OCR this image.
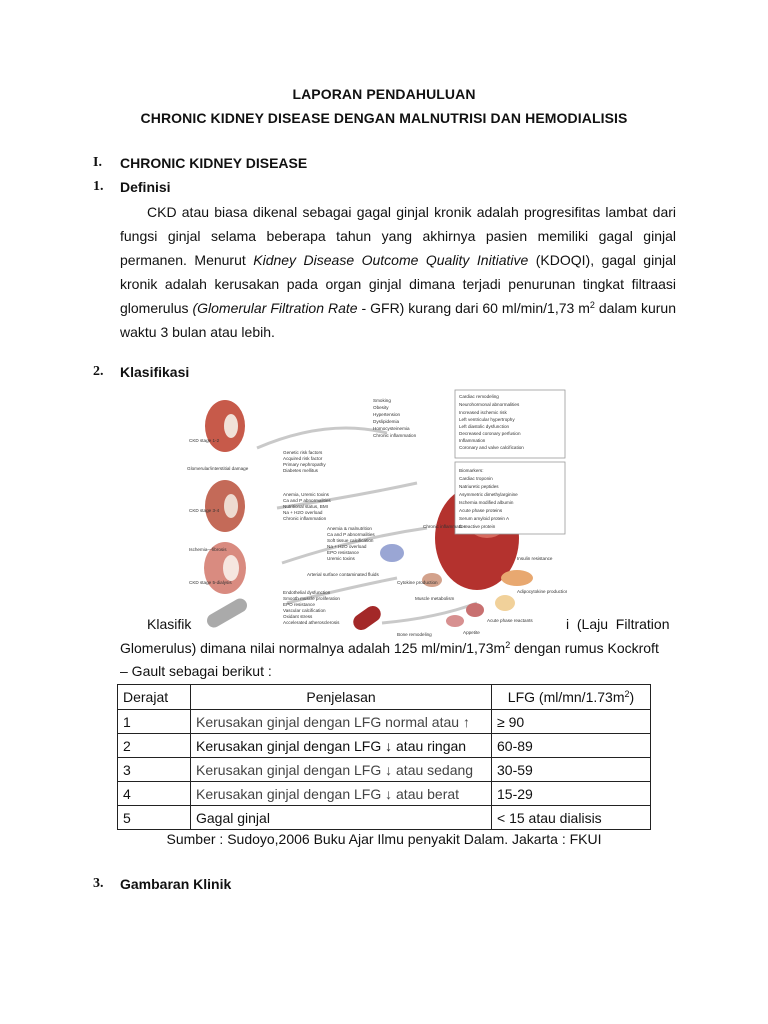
LAPORAN PENDAHULUAN
CHRONIC KIDNEY DISEASE DENGAN MALNUTRISI DAN HEMODIALISIS
I. CHRONIC KIDNEY DISEASE
1. Definisi

CKD atau biasa dikenal sebagai gagal ginjal kronik adalah progresifitas lambat dari fungsi ginjal selama beberapa tahun yang akhirnya pasien memiliki gagal ginjal permanen. Menurut Kidney Disease Outcome Quality Initiative (KDOQI), gagal ginjal kronik adalah kerusakan pada organ ginjal dimana terjadi penurunan tingkat filtraasi glomerulus (Glomerular Filtration Rate - GFR) kurang dari 60 ml/min/1,73 $m^2$ dalam kurun waktu 3 bulan atau lebih.

2. Klasifikasi
Cardiac remodeling
Neurohormonal abnormalities
Increased ischemic risk
Left ventricular hypertrophy
Left diastolic dysfunction
Decreased coronary perfusion
Inflammation
Coronary and valve calcification
Biomarkers:
Cardiac troponin
Natriuretic peptides
Asymmetric dimethylarginine
Ischemia modified albumin
Acute phase proteins
Serum amyloid protein A
C-reactive protein
CKD stage 1-2
Glomerular/interstitial damage
CKD stage 3-4
Ischemia—fibrosis
CKD stage 5-dialysis
Genetic risk factors
Acquired risk factor
Primary nephropathy
Diabetes mellitus
Smoking
Obesity
Hypertension
Dyslipidemia
Homocysteinemia
Chronic inflammation
Anemia, Uremic toxins
Ca and P abnormalities
Nutritional status, BMI
Na + H2O overload
Chronic inflammation
Anemia & malnutrition
Ca and P abnormalities
Soft tissue calcification
Na + H2O overload
EPO resistance
Uremic toxins
Endothelial dysfunction
Smooth muscle proliferation
EPO resistance
Vascular calcification
Oxidant stress
Accelerated atherosclerosis
Chronic inflammation
Cytokine production
Muscle metabolism
Bone remodeling
Insulin resistance
Adipocytokine production
Acute phase reactants
Appetite
Arterial surface contaminated fluids
Klasifik	i  (Laju  Filtration
Glomerulus) dimana nilai normalnya adalah 125 $ml/\min/1,73m^2$ dengan rumus Kockroft
– Gault sebagai berikut :
Derajat	Penjelasan	LFG $(ml/mn/1.73m^2)$
1	Kerusakan ginjal dengan LFG normal atau ↑	≥ 90
2	Kerusakan ginjal dengan LFG ↓ atau ringan	60-89
3	Kerusakan ginjal dengan LFG ↓ atau sedang	30-59
4	Kerusakan ginjal dengan LFG ↓ atau berat	15-29
5	Gagal ginjal	< 15 atau dialisis
Sumber : Sudoyo,2006 Buku Ajar Ilmu penyakit Dalam. Jakarta : FKUI
3. Gambaran Klinik
